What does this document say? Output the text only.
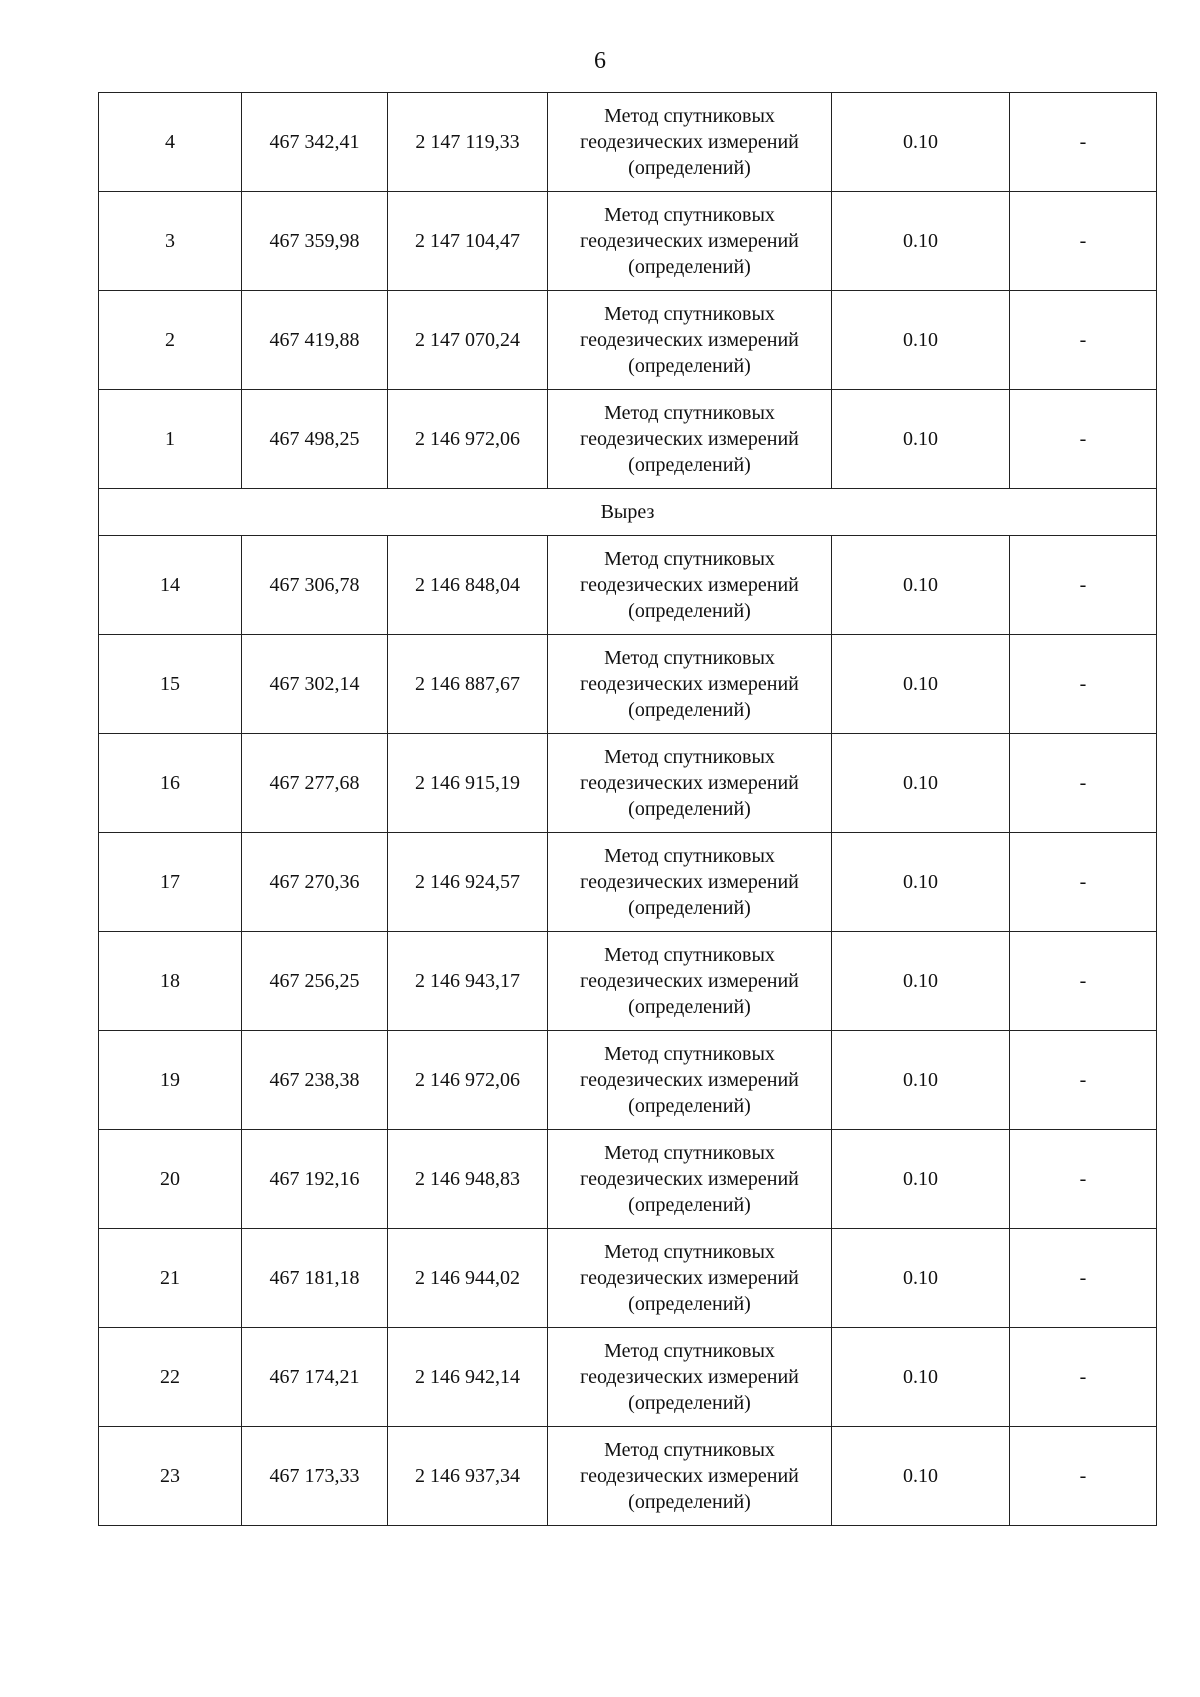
6
4	467 342,41	2 147 119,33	Метод спутниковых
геодезических измерений
(определений)	0.10	-
3	467 359,98	2 147 104,47	Метод спутниковых
геодезических измерений
(определений)	0.10	-
2	467 419,88	2 147 070,24	Метод спутниковых
геодезических измерений
(определений)	0.10	-
1	467 498,25	2 146 972,06	Метод спутниковых
геодезических измерений
(определений)	0.10	-
Вырез					
14	467 306,78	2 146 848,04	Метод спутниковых
геодезических измерений
(определений)	0.10	-
15	467 302,14	2 146 887,67	Метод спутниковых
геодезических измерений
(определений)	0.10	-
16	467 277,68	2 146 915,19	Метод спутниковых
геодезических измерений
(определений)	0.10	-
17	467 270,36	2 146 924,57	Метод спутниковых
геодезических измерений
(определений)	0.10	-
18	467 256,25	2 146 943,17	Метод спутниковых
геодезических измерений
(определений)	0.10	-
19	467 238,38	2 146 972,06	Метод спутниковых
геодезических измерений
(определений)	0.10	-
20	467 192,16	2 146 948,83	Метод спутниковых
геодезических измерений
(определений)	0.10	-
21	467 181,18	2 146 944,02	Метод спутниковых
геодезических измерений
(определений)	0.10	-
22	467 174,21	2 146 942,14	Метод спутниковых
геодезических измерений
(определений)	0.10	-
23	467 173,33	2 146 937,34	Метод спутниковых
геодезических измерений
(определений)	0.10	-
